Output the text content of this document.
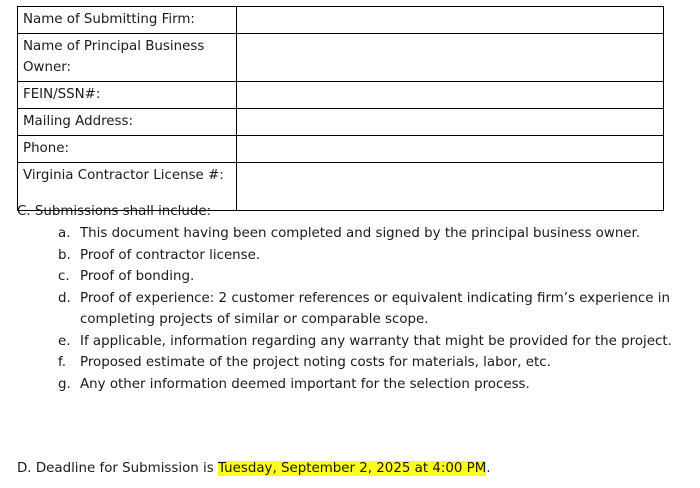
Name of Submitting Firm:	
Name of Principal Business Owner:	
FEIN/SSN#:	
Mailing Address:	
Phone:	
Virginia Contractor License #:	
C. Submissions shall include:
a. This document having been completed and signed by the principal business owner.
b. Proof of contractor license.
c. Proof of bonding.
d. Proof of experience: 2 customer references or equivalent indicating firm’s experience in completing projects of similar or comparable scope.
e. If applicable, information regarding any warranty that might be provided for the project.
f. Proposed estimate of the project noting costs for materials, labor, etc.
g. Any other information deemed important for the selection process.
D. Deadline for Submission is Tuesday, September 2, 2025 at 4:00 PM.
